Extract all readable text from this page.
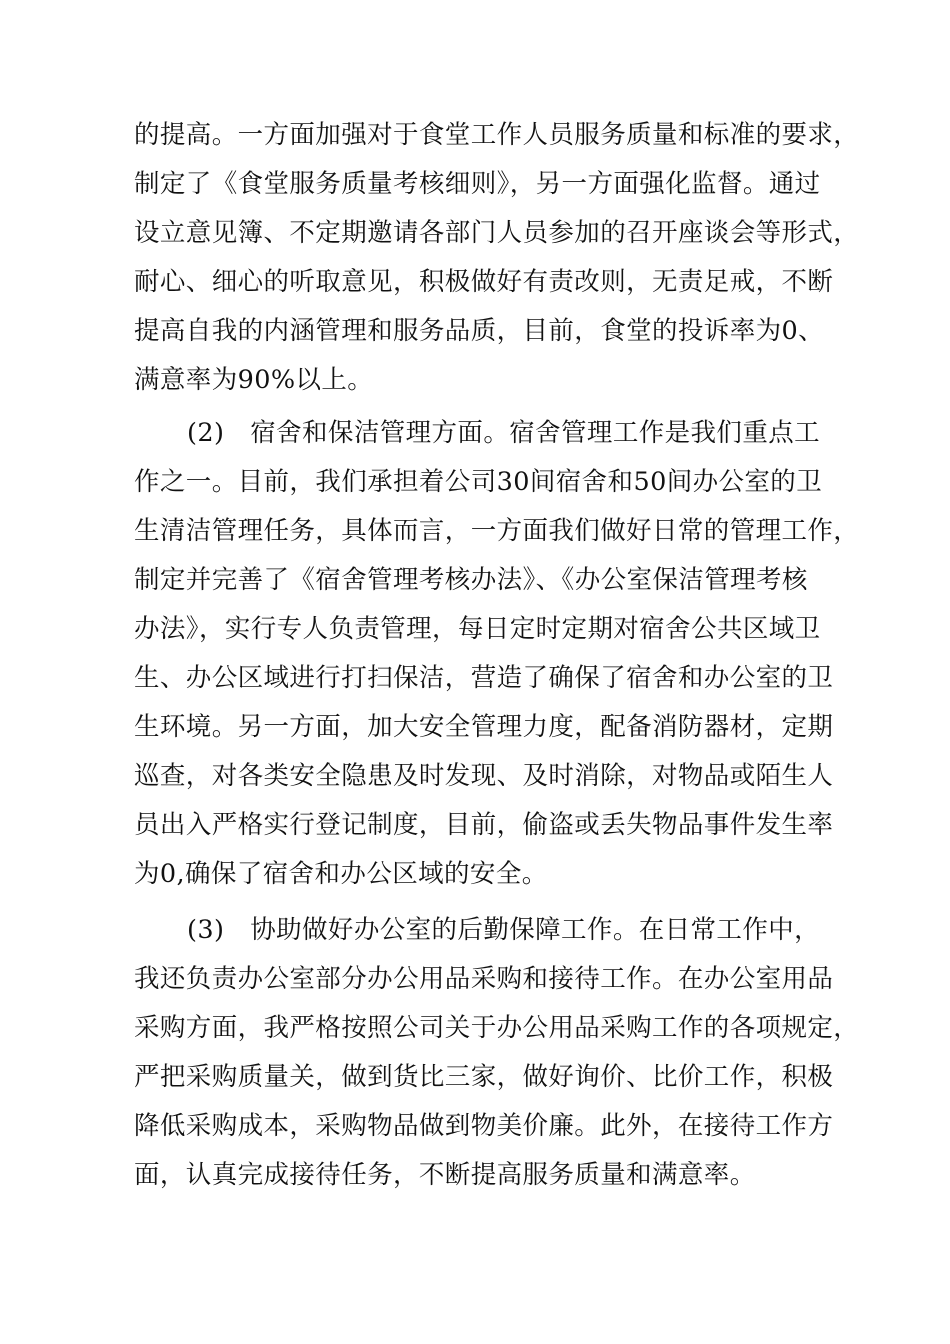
的提高。一方面加强对于食堂工作人员服务质量和标准的要求，
制定了《食堂服务质量考核细则》，另一方面强化监督。通过
设立意见簿、不定期邀请各部门人员参加的召开座谈会等形式，
耐心、细心的听取意见，积极做好有责改则，无责足戒，不断
提高自我的内涵管理和服务品质，目前，食堂的投诉率为0、
满意率为90%以上。
(2)　宿舍和保洁管理方面。宿舍管理工作是我们重点工
作之一。目前，我们承担着公司30间宿舍和50间办公室的卫
生清洁管理任务，具体而言，一方面我们做好日常的管理工作，
制定并完善了《宿舍管理考核办法》、《办公室保洁管理考核
办法》，实行专人负责管理，每日定时定期对宿舍公共区域卫
生、办公区域进行打扫保洁，营造了确保了宿舍和办公室的卫
生环境。另一方面，加大安全管理力度，配备消防器材，定期
巡查，对各类安全隐患及时发现、及时消除，对物品或陌生人
员出入严格实行登记制度，目前，偷盗或丢失物品事件发生率
为0,确保了宿舍和办公区域的安全。
(3)　协助做好办公室的后勤保障工作。在日常工作中，
我还负责办公室部分办公用品采购和接待工作。在办公室用品
采购方面，我严格按照公司关于办公用品采购工作的各项规定，
严把采购质量关，做到货比三家，做好询价、比价工作，积极
降低采购成本，采购物品做到物美价廉。此外，在接待工作方
面，认真完成接待任务，不断提高服务质量和满意率。
